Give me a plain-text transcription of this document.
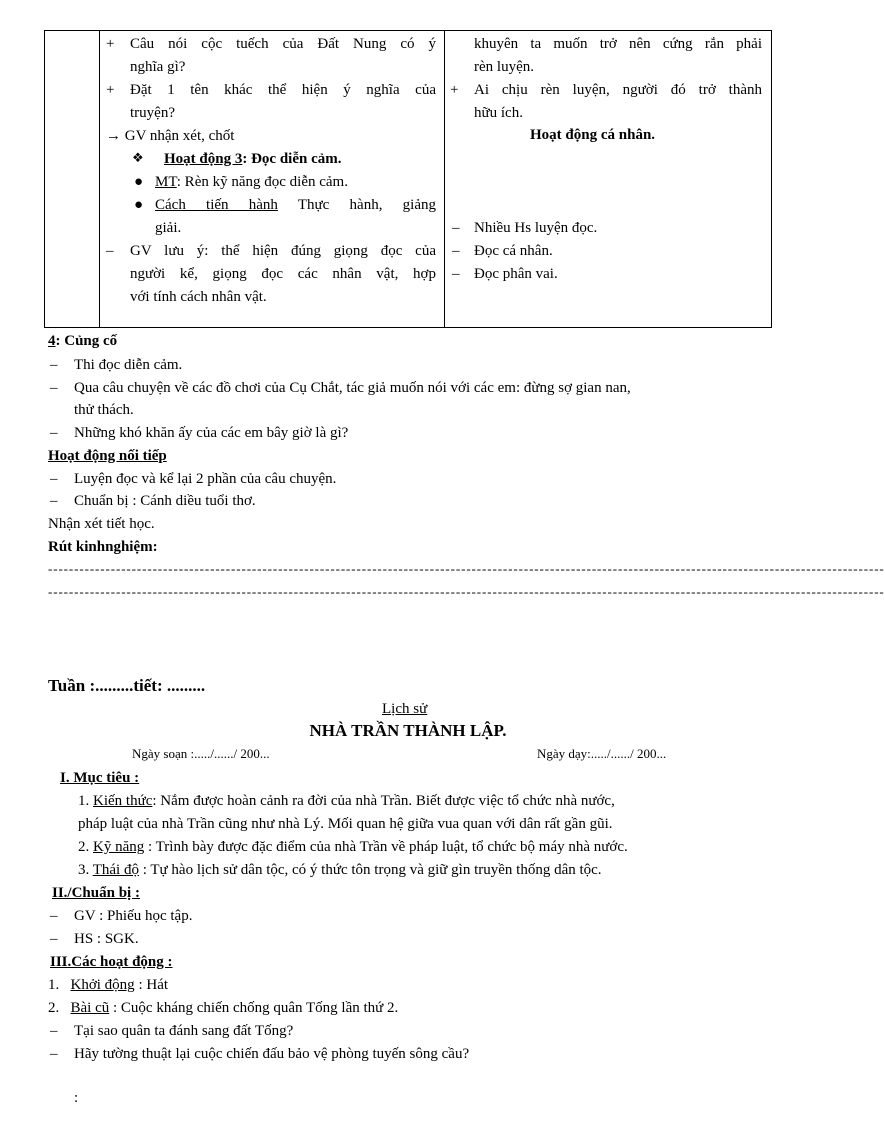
+ Câu nói cộc tuếch của Đất Nung có ý
nghĩa gì?
+ Đặt 1 tên khác thể hiện ý nghĩa của
truyện?
→ GV nhận xét, chốt
❖ Hoạt động 3: Đọc diễn cảm.
● MT: Rèn kỹ năng đọc diễn cảm.
● Cách tiến hành Thực hành, giảng
giải.
– GV lưu ý: thể hiện đúng giọng đọc của
người kể, giọng đọc các nhân vật, hợp
với tính cách nhân vật.
khuyên ta muốn trở nên cứng rắn phải
rèn luyện.
+ Ai chịu rèn luyện, người đó trở thành
hữu ích.
Hoạt động cá nhân.
– Nhiều Hs luyện đọc.
– Đọc cá nhân.
– Đọc phân vai.
4: Củng cố
– Thi đọc diễn cảm.
– Qua câu chuyện về các đồ chơi của Cụ Chắt, tác giả muốn nói với các em: đừng sợ gian nan,
thử thách.
– Những khó khăn ấy của các em bây giờ là gì?
Hoạt động nối tiếp
– Luyện đọc và kể lại 2 phần của câu chuyện.
– Chuẩn bị : Cánh diều tuổi thơ.
Nhận xét tiết học.
Rút kinhnghiệm:
----------------------------------------------------------------------------------------------------------------------------------------------------------------
----------------------------------------------------------------------------------------------------------------------------------------------------------------
Tuần :.........tiết: .........
Lịch sử
NHÀ TRẦN THÀNH LẬP.
Ngày soạn :...../....../ 200...	Ngày dạy:...../....../ 200...
I. Mục tiêu :
1. Kiến thức: Nắm được hoàn cảnh ra đời của nhà Trần. Biết được việc tổ chức nhà nước,
pháp luật của nhà Trần cũng như nhà Lý. Mối quan hệ giữa vua quan với dân rất gần gũi.
2. Kỹ năng : Trình bày được đặc điểm của nhà Trần về pháp luật, tổ chức bộ máy nhà nước.
3. Thái độ : Tự hào lịch sử dân tộc, có ý thức tôn trọng và giữ gìn truyền thống dân tộc.
II./Chuẩn bị :
– GV : Phiếu học tập.
– HS : SGK.
III.Các hoạt động :
1.   Khởi động : Hát
2.   Bài cũ : Cuộc kháng chiến chống quân Tống lần thứ 2.
– Tại sao quân ta đánh sang đất Tống?
– Hãy tường thuật lại cuộc chiến đấu bảo vệ phòng tuyến sông cầu?
:
